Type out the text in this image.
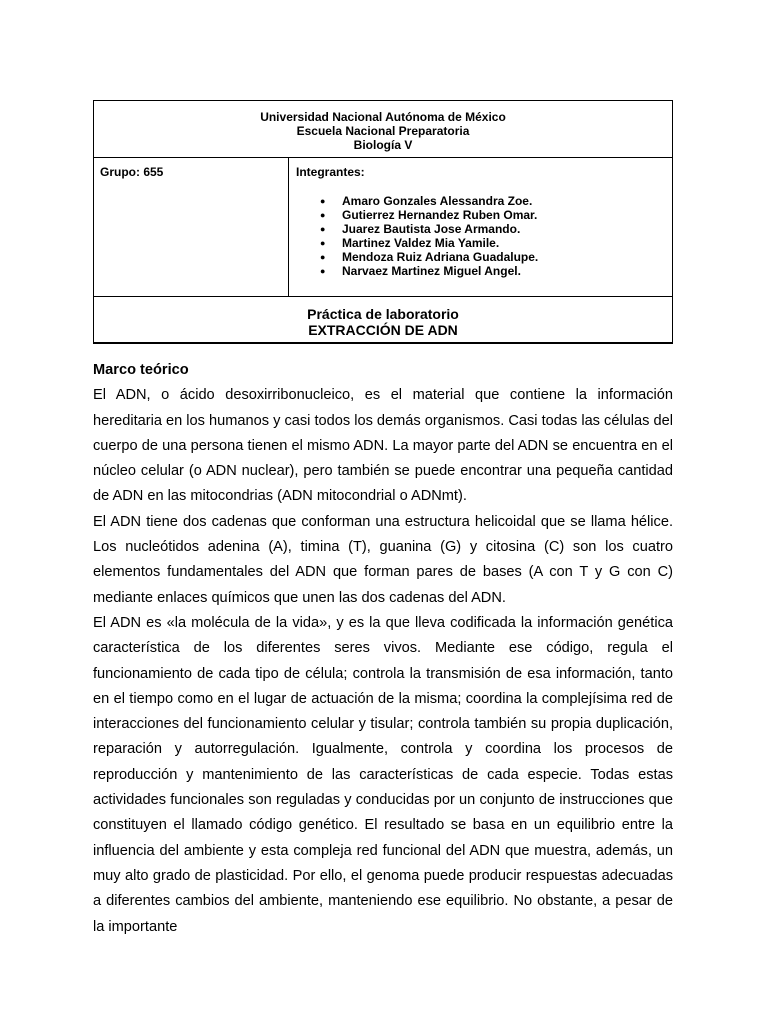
Universidad Nacional Autónoma de México
Escuela Nacional Preparatoria
Biología V

Grupo: 655	Integrantes:
● Amaro Gonzales Alessandra Zoe.
● Gutierrez Hernandez Ruben Omar.
● Juarez Bautista Jose Armando.
● Martinez Valdez Mia Yamile.
● Mendoza Ruiz Adriana Guadalupe.
● Narvaez Martinez Miguel Angel.

Práctica de laboratorio
EXTRACCIÓN DE ADN

Marco teórico

El ADN, o ácido desoxirribonucleico, es el material que contiene la información hereditaria en los humanos y casi todos los demás organismos. Casi todas las células del cuerpo de una persona tienen el mismo ADN. La mayor parte del ADN se encuentra en el núcleo celular (o ADN nuclear), pero también se puede encontrar una pequeña cantidad de ADN en las mitocondrias (ADN mitocondrial o ADNmt).

El ADN tiene dos cadenas que conforman una estructura helicoidal que se llama hélice. Los nucleótidos adenina (A), timina (T), guanina (G) y citosina (C) son los cuatro elementos fundamentales del ADN que forman pares de bases (A con T y G con C) mediante enlaces químicos que unen las dos cadenas del ADN.

El ADN es «la molécula de la vida», y es la que lleva codificada la información genética característica de los diferentes seres vivos. Mediante ese código, regula el funcionamiento de cada tipo de célula; controla la transmisión de esa información, tanto en el tiempo como en el lugar de actuación de la misma; coordina la complejísima red de interacciones del funcionamiento celular y tisular; controla también su propia duplicación, reparación y autorregulación. Igualmente, controla y coordina los procesos de reproducción y mantenimiento de las características de cada especie. Todas estas actividades funcionales son reguladas y conducidas por un conjunto de instrucciones que constituyen el llamado código genético. El resultado se basa en un equilibrio entre la influencia del ambiente y esta compleja red funcional del ADN que muestra, además, un muy alto grado de plasticidad. Por ello, el genoma puede producir respuestas adecuadas a diferentes cambios del ambiente, manteniendo ese equilibrio. No obstante, a pesar de la importante
